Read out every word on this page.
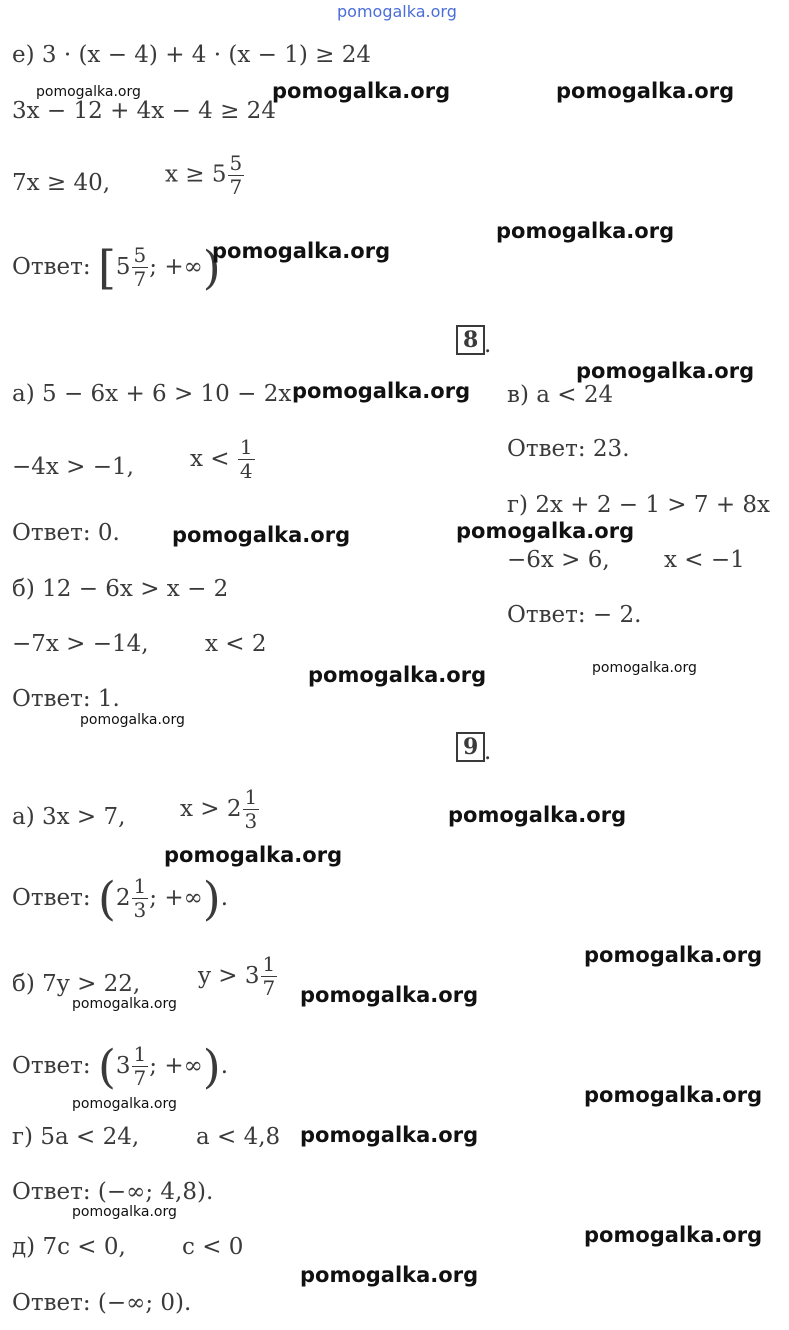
pomogalka.org
е) 3 · (x − 4) + 4 · (x − 1) ≥ 24
3x − 12 + 4x − 4 ≥ 24
7x ≥ 40, $x \ge 5 \frac{5}{7}$
Ответ: [$5 \frac{5}{7}$ ; +∞)
8 .
а) 5 − 6x + 6 > 10 − 2x
−4x > −1, $x < \frac{1}{4}$
Ответ: 0.
б) 12 − 6x > x − 2
−7x > −14, x < 2
Ответ: 1.
в) a < 24
Ответ: 23.
г) 2x + 2 − 1 > 7 + 8x
−6x > 6, x < −1
Ответ: − 2.
9 .
а) 3x > 7, $x > 2 \frac{1}{3}$
Ответ: ($2 \frac{1}{3}$ ; +∞).
б) 7y > 22,	$y > 3 \frac{1}{7}$
Ответ: ($3 \frac{1}{7}$ ; +∞).
г) 5a < 24, a < 4,8
Ответ: (−∞; 4,8).
д) 7c < 0, c < 0
Ответ: (−∞; 0).
pomogalka.org	pomogalka.org	pomogalka.org
pomogalka.org
pomogalka.org
pomogalka.org
pomogalka.org
pomogalka.org	pomogalka.org
pomogalka.org	pomogalka.org
pomogalka.org
pomogalka.org
pomogalka.org
pomogalka.org
pomogalka.org
pomogalka.org
pomogalka.org
pomogalka.org
pomogalka.org
pomogalka.org
pomogalka.org
pomogalka.org
